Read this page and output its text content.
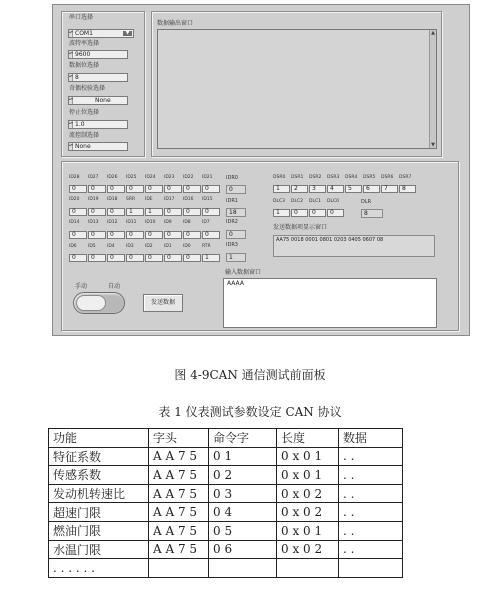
串口选择
▴▾ COM1	▼
波特率选择
▴▾ 9600
数据位选择
▴▾ 8
奇偶校验选择
▴▾	None
停止位选择
▴▾ 1.0
流控制选择
▴▾ None
数据输出窗口
▲
▼
ID28	ID27	ID26	ID25	ID24	ID23	ID22	ID21
0	0	0	0	0	0	0	0
ID20	ID19	ID18	SRR	IDE	ID17	ID16	ID15
0	0	0	1	1	0	0	0
ID14	ID13	ID12	ID11	ID10	ID9	ID8	ID7
0	0	0	0	0	0	0	0
ID6	ID5	ID4	ID3	ID2	ID1	ID0	RTR
0	0	0	0	0	0	0	1
IDR0
0
IDR1
18
IDR2
0
IDR3
1
DSR0	DSR1	DSR2	DSR3	DSR4	DSR5	DSR6	DSR7
1	2	3	4	5	6	7	8
DLC3	DLC2	DLC1	DLC0
1	0	0	0
DLR
8
发送数据项显示窗口
AA75 0018 0001 0801 0203 0405 0607 08
输入数据窗口
AAAA
手动	自动
发送数据
图 4-9CAN 通信测试前面板
表 1 仪表测试参数设定 CAN 协议
功能	字头	命令字	长度	数据
特征系数	A A 7 5	0 1	0 x 0 1	. .
传感系数	A A 7 5	0 2	0 x 0 1	. .
发动机转速比	A A 7 5	0 3	0 x 0 2	. .
超速门限	A A 7 5	0 4	0 x 0 2	. .
燃油门限	A A 7 5	0 5	0 x 0 1	. .
水温门限	A A 7 5	0 6	0 x 0 2	. .
. . . . . .				
